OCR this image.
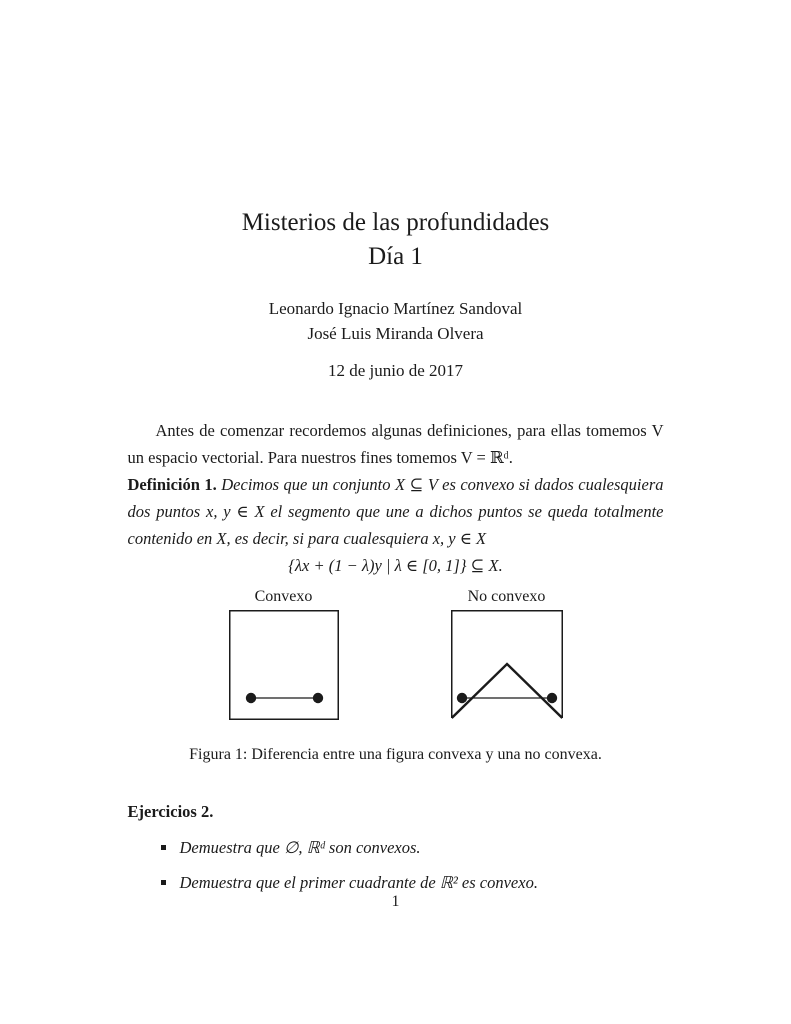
Misterios de las profundidades
Día 1
Leonardo Ignacio Martínez Sandoval
José Luis Miranda Olvera
12 de junio de 2017

Antes de comenzar recordemos algunas definiciones, para ellas tomemos V un espacio vectorial. Para nuestros fines tomemos V = ℝᵈ.

Definición 1. Decimos que un conjunto X ⊆ V es convexo si dados cualesquiera dos puntos x, y ∈ X el segmento que une a dichos puntos se queda totalmente contenido en X, es decir, si para cualesquiera x, y ∈ X

{λx + (1 − λ)y | λ ∈ [0, 1]} ⊆ X.
Convexo	No convexo
Figura 1: Diferencia entre una figura convexa y una no convexa.
Ejercicios 2.
Demuestra que ∅, ℝᵈ son convexos.
Demuestra que el primer cuadrante de ℝ² es convexo.
1
